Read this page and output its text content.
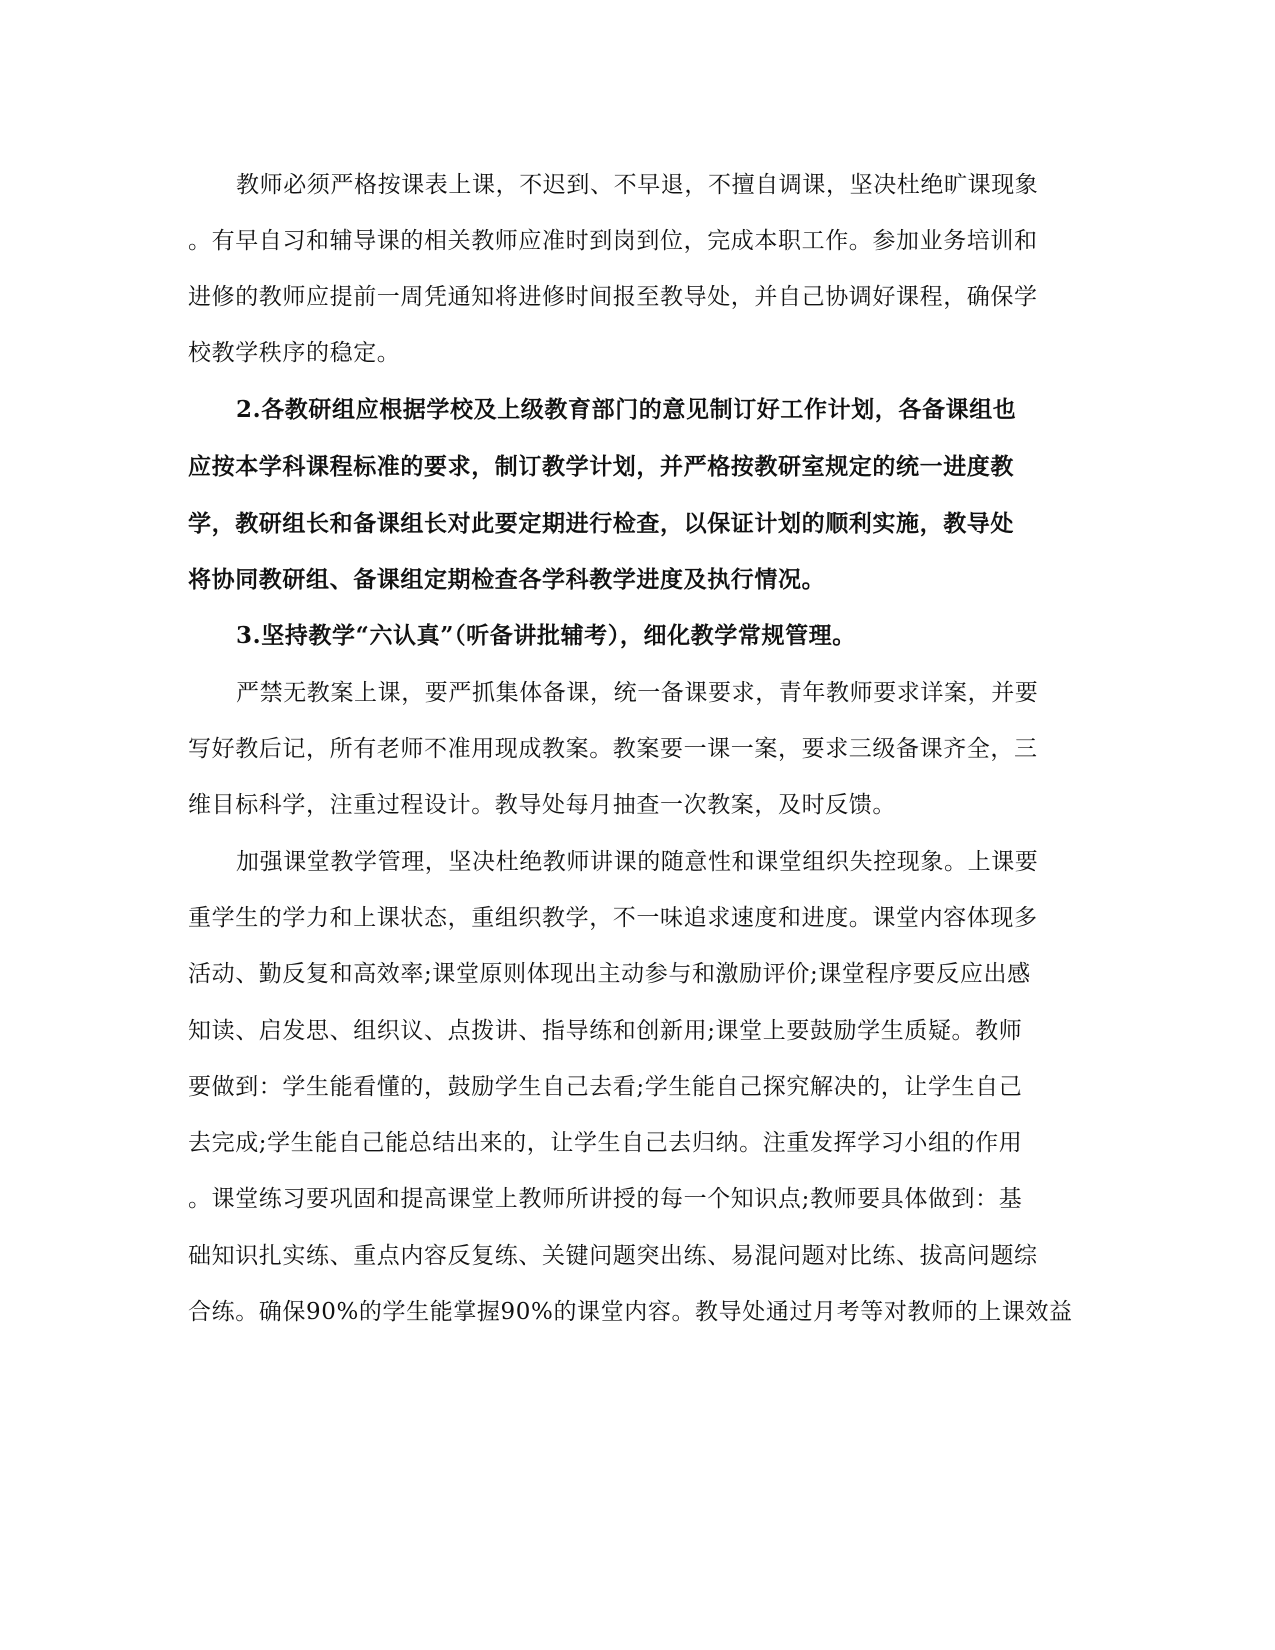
教师必须严格按课表上课，不迟到、不早退，不擅自调课，坚决杜绝旷课现象
。有早自习和辅导课的相关教师应准时到岗到位，完成本职工作。参加业务培训和
进修的教师应提前一周凭通知将进修时间报至教导处，并自己协调好课程，确保学
校教学秩序的稳定。
2.各教研组应根据学校及上级教育部门的意见制订好工作计划，各备课组也
应按本学科课程标准的要求，制订教学计划，并严格按教研室规定的统一进度教
学，教研组长和备课组长对此要定期进行检查，以保证计划的顺利实施，教导处
将协同教研组、备课组定期检查各学科教学进度及执行情况。
3.坚持教学“六认真”（听备讲批辅考），细化教学常规管理。
严禁无教案上课，要严抓集体备课，统一备课要求，青年教师要求详案，并要
写好教后记，所有老师不准用现成教案。教案要一课一案，要求三级备课齐全，三
维目标科学，注重过程设计。教导处每月抽查一次教案，及时反馈。
加强课堂教学管理，坚决杜绝教师讲课的随意性和课堂组织失控现象。上课要
重学生的学力和上课状态，重组织教学，不一味追求速度和进度。课堂内容体现多
活动、勤反复和高效率;课堂原则体现出主动参与和激励评价;课堂程序要反应出感
知读、启发思、组织议、点拨讲、指导练和创新用;课堂上要鼓励学生质疑。教师
要做到：学生能看懂的，鼓励学生自己去看;学生能自己探究解决的，让学生自己
去完成;学生能自己能总结出来的，让学生自己去归纳。注重发挥学习小组的作用
。课堂练习要巩固和提高课堂上教师所讲授的每一个知识点;教师要具体做到：基
础知识扎实练、重点内容反复练、关键问题突出练、易混问题对比练、拔高问题综
合练。确保90%的学生能掌握90%的课堂内容。教导处通过月考等对教师的上课效益
